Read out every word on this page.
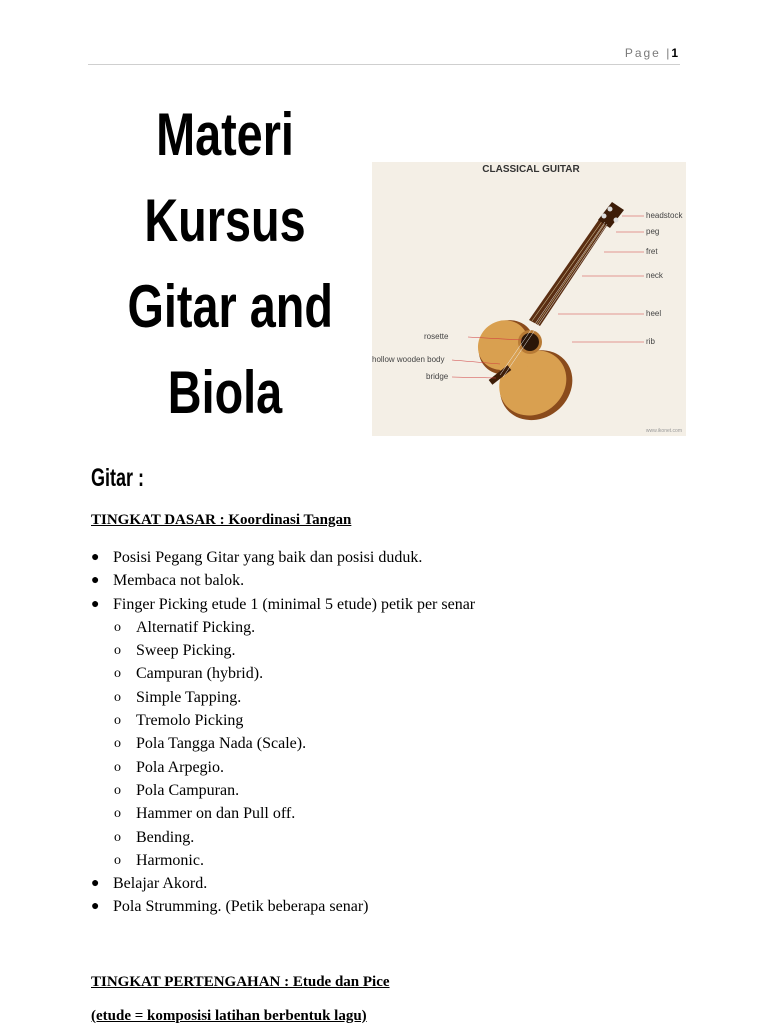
Page |1
Materi
Kursus
Gitar and
Biola
CLASSICAL GUITAR
headstock
peg
fret
neck
heel
rib
rosette
hollow wooden body
bridge
www.ikonet.com
Gitar :
TINGKAT DASAR : Koordinasi Tangan
● Posisi Pegang Gitar yang baik dan posisi duduk.
● Membaca not balok.
● Finger Picking etude 1 (minimal 5 etude) petik per senar
o Alternatif Picking.
o Sweep Picking.
o Campuran (hybrid).
o Simple Tapping.
o Tremolo Picking
o Pola Tangga Nada (Scale).
o Pola Arpegio.
o Pola Campuran.
o Hammer on dan Pull off.
o Bending.
o Harmonic.
● Belajar Akord.
● Pola Strumming. (Petik beberapa senar)
TINGKAT PERTENGAHAN : Etude dan Pice
(etude = komposisi latihan berbentuk lagu)
